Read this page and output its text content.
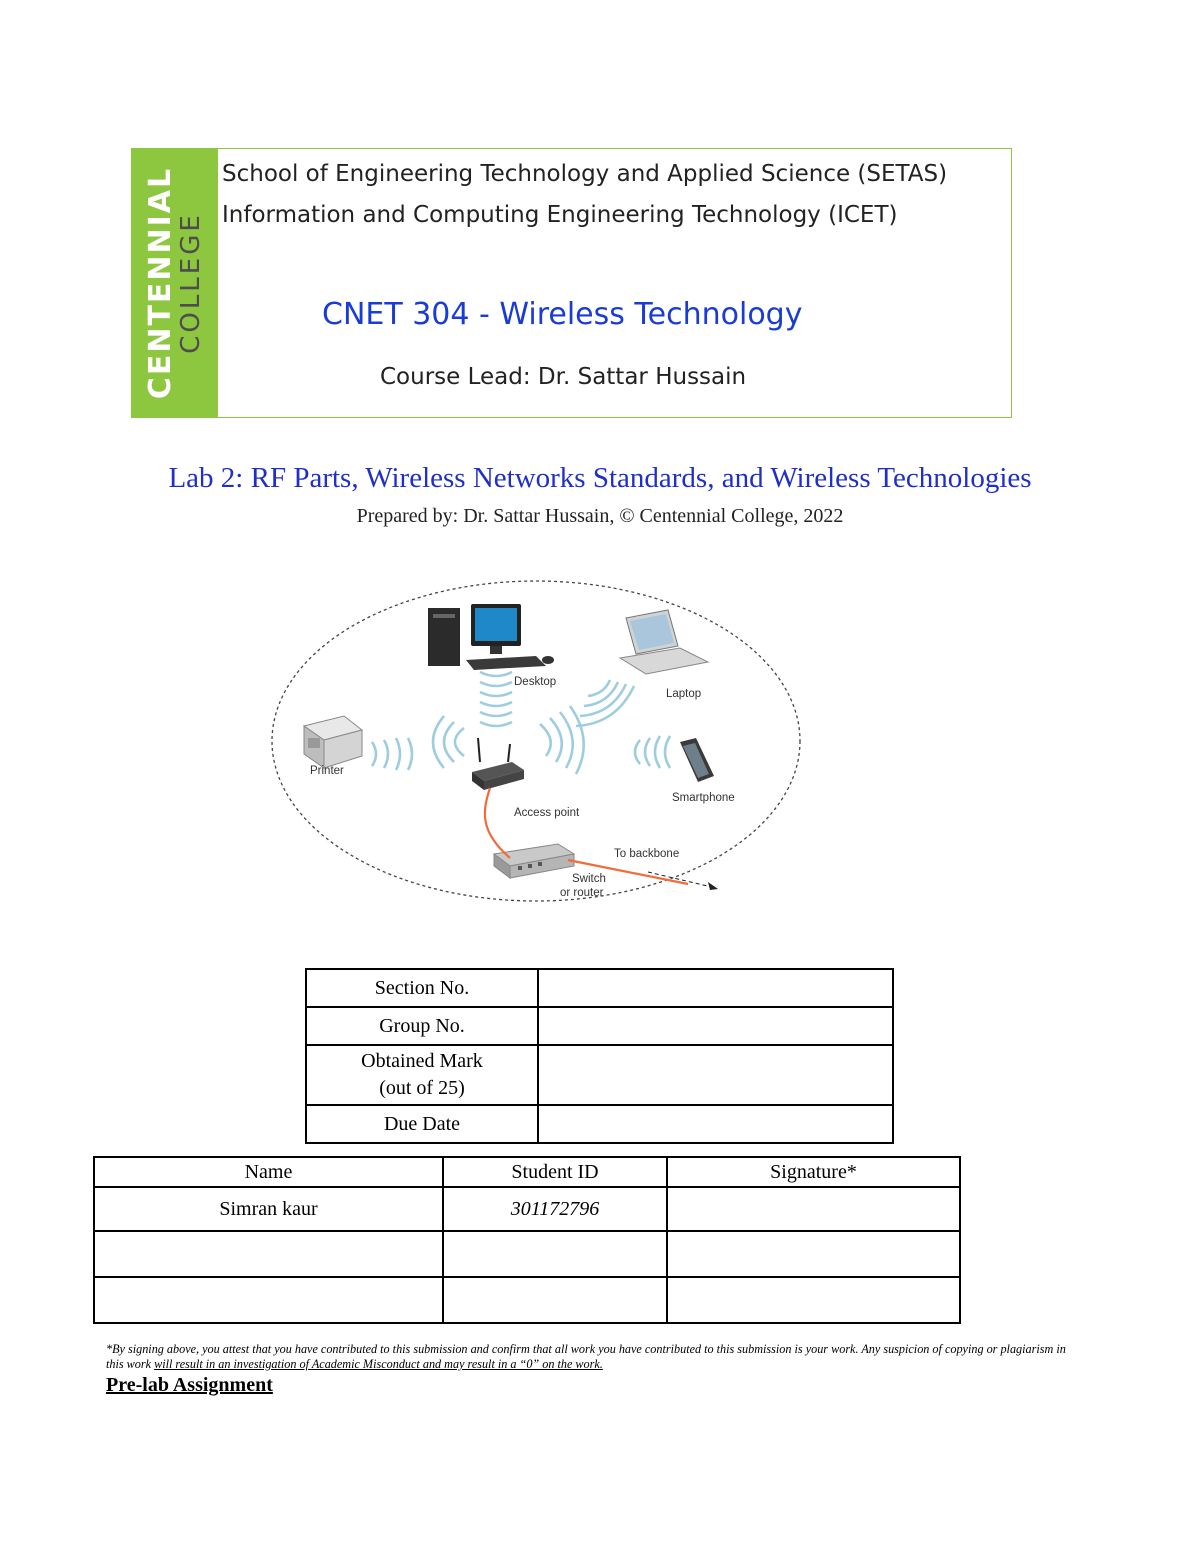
CENTENNIAL
COLLEGE
School of Engineering Technology and Applied Science (SETAS)
Information and Computing Engineering Technology (ICET)
CNET 304 - Wireless Technology
Course Lead: Dr. Sattar Hussain
Lab 2: RF Parts, Wireless Networks Standards, and Wireless Technologies
Prepared by: Dr. Sattar Hussain, © Centennial College, 2022
Desktop
Laptop
Printer
Smartphone
Access point
Switch
or router
To backbone
Section No.	
Group No.	
Obtained Mark
(out of 25)	
Due Date	
Name	Student ID	Signature*
Simran kaur	301172796	

*By signing above, you attest that you have contributed to this submission and confirm that all work you have contributed to this submission is your work. Any suspicion of copying or plagiarism in this work will result in an investigation of Academic Misconduct and may result in a “0” on the work.
Pre-lab Assignment
